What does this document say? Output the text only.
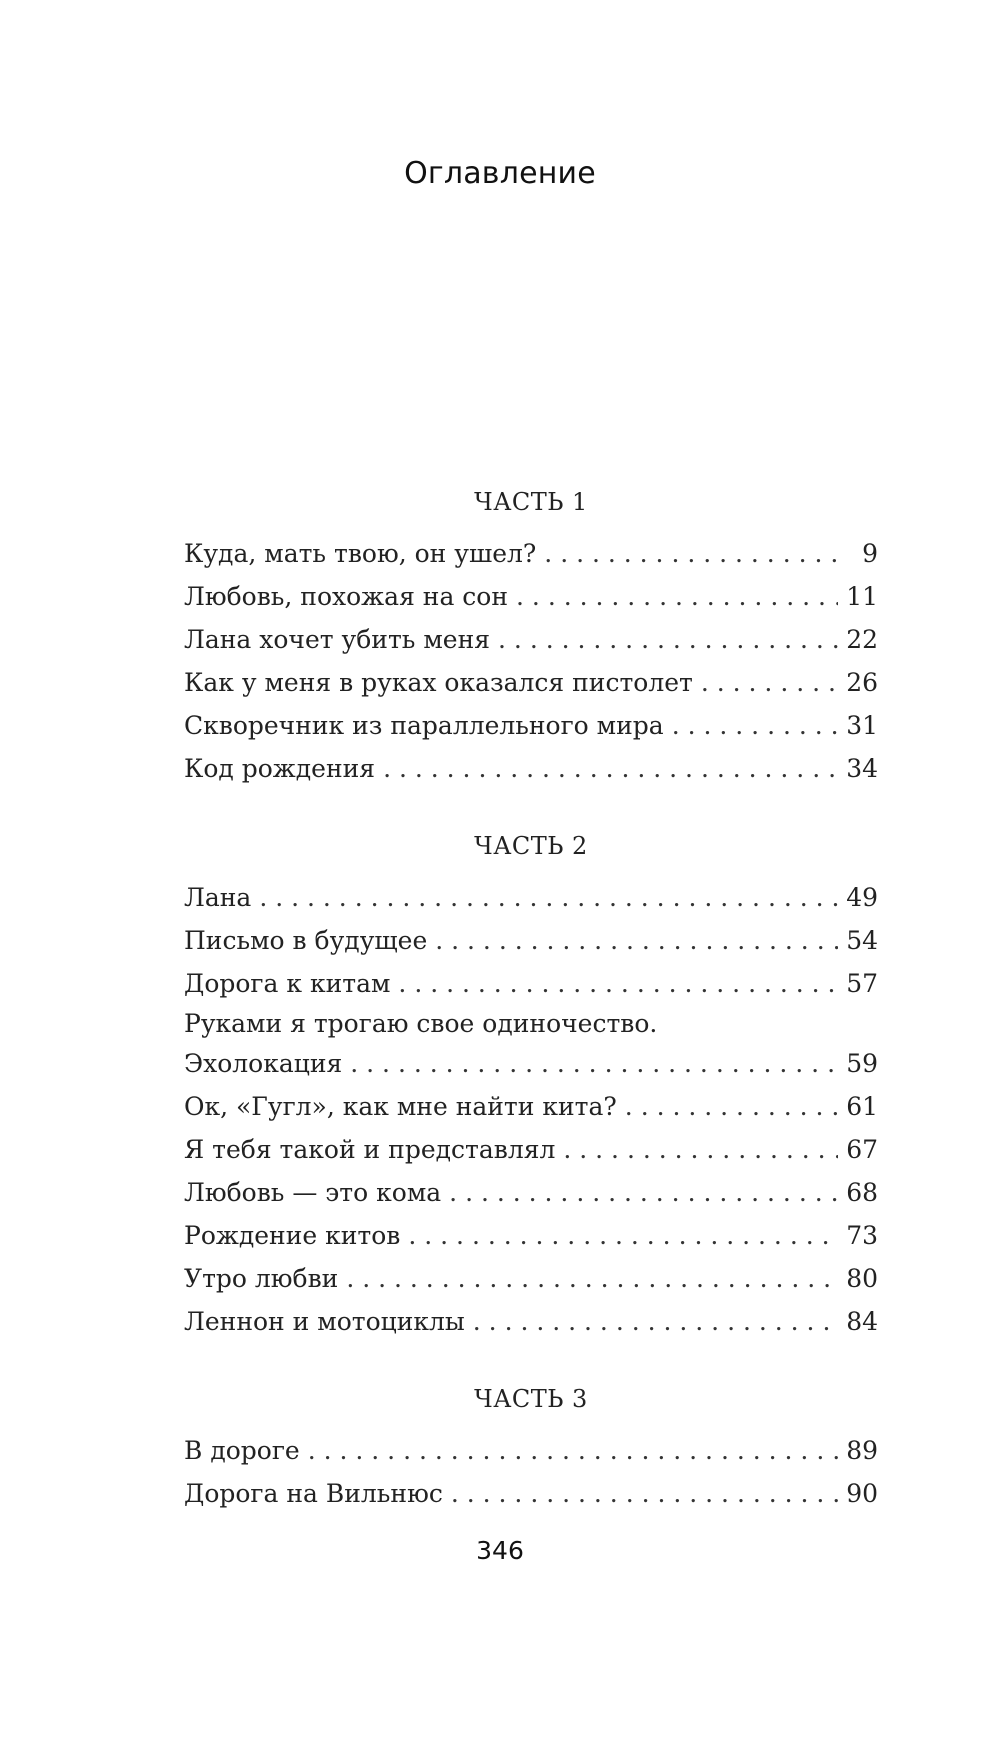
Оглавление
ЧАСТЬ 1
Куда, мать твою, он ушел? . . .	9
Любовь, похожая на сон . . .	11
Лана хочет убить меня . . .	22
Как у меня в руках оказался пистолет . . .	26
Скворечник из параллельного мира . . .	31
Код рождения . . .	34
ЧАСТЬ 2
Лана . . .	49
Письмо в будущее . . .	54
Дорога к китам . . .	57
Руками я трогаю свое одиночество.
Эхолокация . . .	59
Ок, «Гугл», как мне найти кита? . . .	61
Я тебя такой и представлял . . .	67
Любовь — это кома . . .	68
Рождение китов . . .	73
Утро любви . . .	80
Леннон и мотоциклы . . .	84
ЧАСТЬ 3
В дороге . . .	89
Дорога на Вильнюс . . .	90
346
